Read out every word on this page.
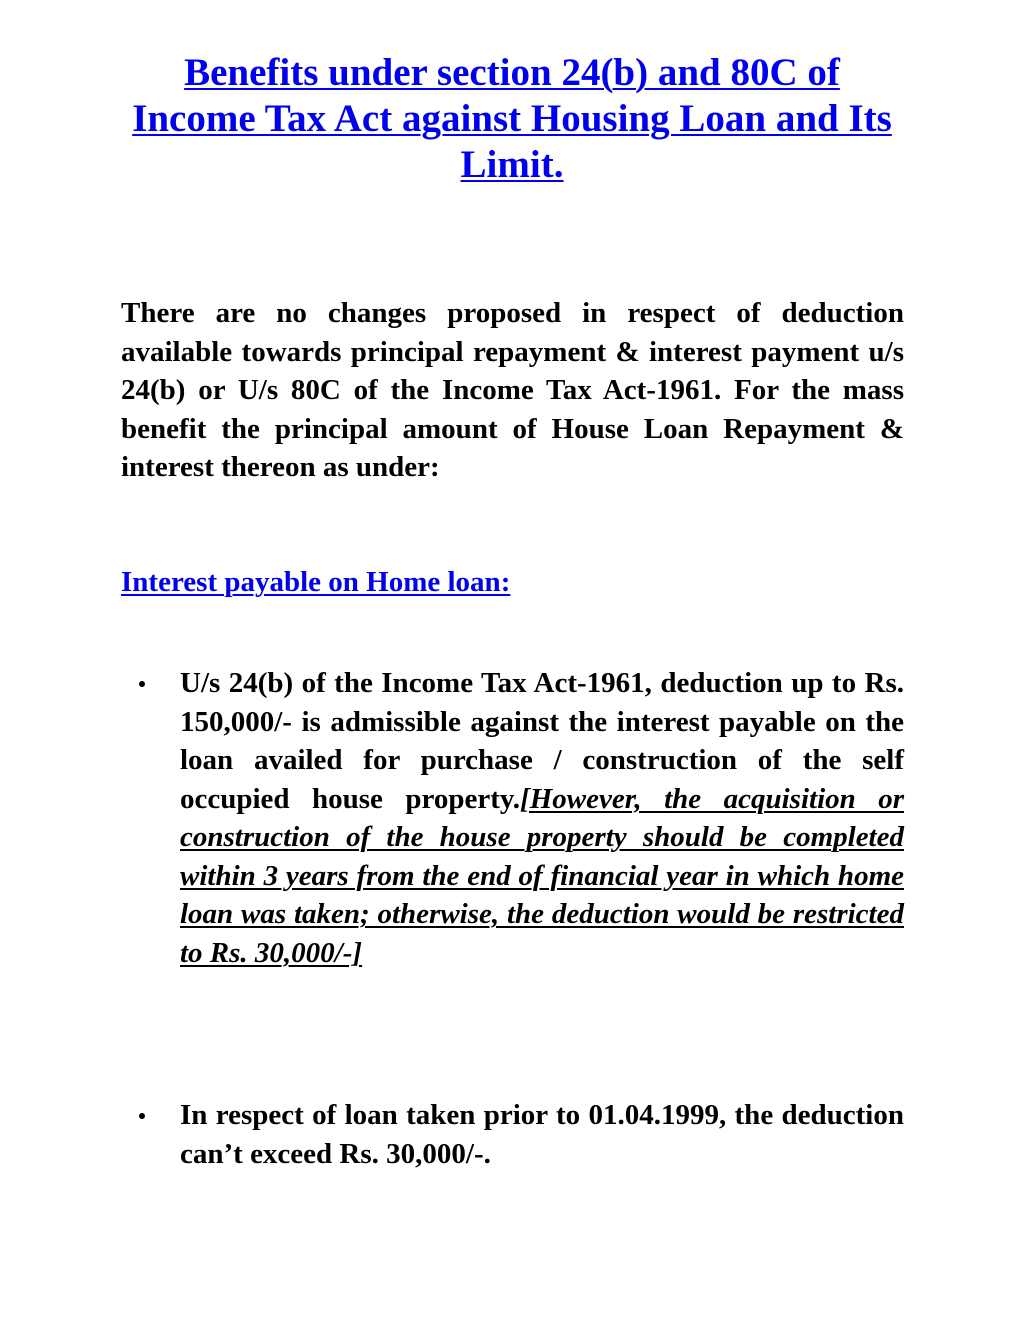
Benefits under section 24(b) and 80C of Income Tax Act against Housing Loan and Its Limit.

There are no changes proposed in respect of deduction available towards principal repayment & interest payment u/s 24(b) or U/s 80C of the Income Tax Act-1961. For the mass benefit the principal amount of House Loan Repayment & interest thereon as under:

Interest payable on Home loan:
U/s 24(b) of the Income Tax Act-1961, deduction up to Rs. 150,000/- is admissible against the interest payable on the loan availed for purchase / construction of the self occupied house property.[However, the acquisition or construction of the house property should be completed within 3 years from the end of financial year in which home loan was taken; otherwise, the deduction would be restricted to Rs. 30,000/-]
In respect of loan taken prior to 01.04.1999, the deduction can’t exceed Rs. 30,000/-.
